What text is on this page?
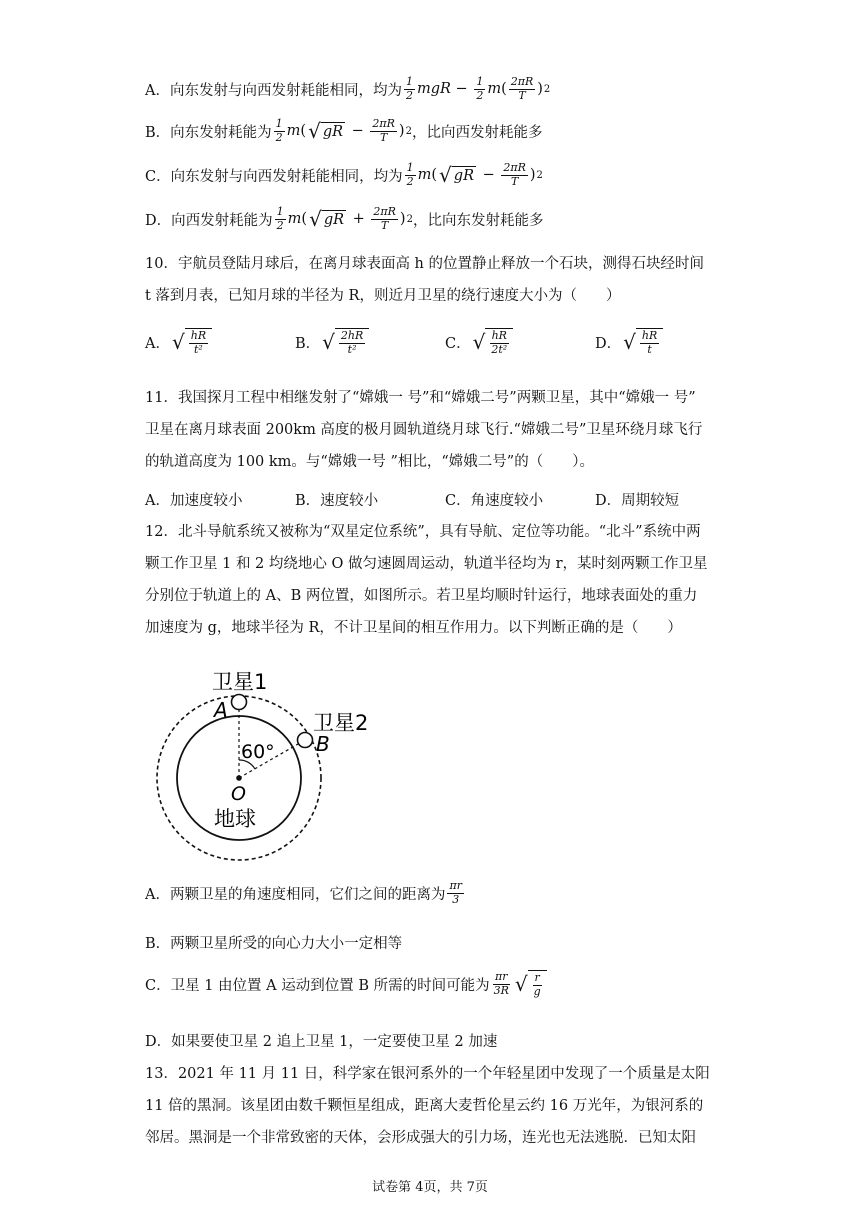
A． 向东发射与向西发射耗能相同，均为 $\frac{1}{2}$ mgR − $\frac{1}{2}$ m ( $\frac{2\pi R}{T}$ ) 2
B． 向东发射耗能为 $\frac{1}{2}$ m ( √ gR − $\frac{2\pi R}{T}$ ) 2 ，比向西发射耗能多
C． 向东发射与向西发射耗能相同，均为 $\frac{1}{2}$ m ( √ gR − $\frac{2\pi R}{T}$ ) 2
D． 向西发射耗能为 $\frac{1}{2}$ m ( √ gR + $\frac{2\pi R}{T}$ ) 2 ，比向东发射耗能多
10．宇航员登陆月球后，在离月球表面高 h 的位置静止释放一个石块，测得石块经时间
t 落到月表，已知月球的半径为 R，则近月卫星的绕行速度大小为（　　）
A． √ $\frac{hR}{\text{t²}}$	B． √ $\frac{2hR}{\text{t²}}$	C． √ $\frac{hR}{\text{2t²}}$	D． √ $\frac{hR}{t}$
11．我国探月工程中相继发射了“嫦娥一 号”和“嫦娥二号”两颗卫星，其中“嫦娥一 号”
卫星在离月球表面 200km 高度的极月圆轨道绕月球飞行.“嫦娥二号”卫星环绕月球飞行
的轨道高度为 100 km。与“嫦娥一号 ”相比，“嫦娥二号”的（　　）。
A．加速度较小	B．速度较小	C．角速度较小	D．周期较短
12．北斗导航系统又被称为“双星定位系统”，具有导航、定位等功能。“北斗”系统中两
颗工作卫星 1 和 2 均绕地心 O 做匀速圆周运动，轨道半径均为 r，某时刻两颗工作卫星
分别位于轨道上的 A、B 两位置，如图所示。若卫星均顺时针运行，地球表面处的重力
加速度为 g，地球半径为 R，不计卫星间的相互作用力。以下判断正确的是（　　）
卫星1
A
卫星2
B
60°
O
地球
A．两颗卫星的角速度相同，它们之间的距离为 $\frac{\pi r}{3}$
B．两颗卫星所受的向心力大小一定相等
C．卫星 1 由位置 A 运动到位置 B 所需的时间可能为 $\frac{\pi r}{3R}$ √ $\frac{r}{g}$
D．如果要使卫星 2 追上卫星 1，一定要使卫星 2 加速
13．2021 年 11 月 11 日，科学家在银河系外的一个年轻星团中发现了一个质量是太阳
11 倍的黑洞。该星团由数千颗恒星组成，距离大麦哲伦星云约 16 万光年，为银河系的
邻居。黑洞是一个非常致密的天体，会形成强大的引力场，连光也无法逃脱．已知太阳
试卷第 4页，共 7页
